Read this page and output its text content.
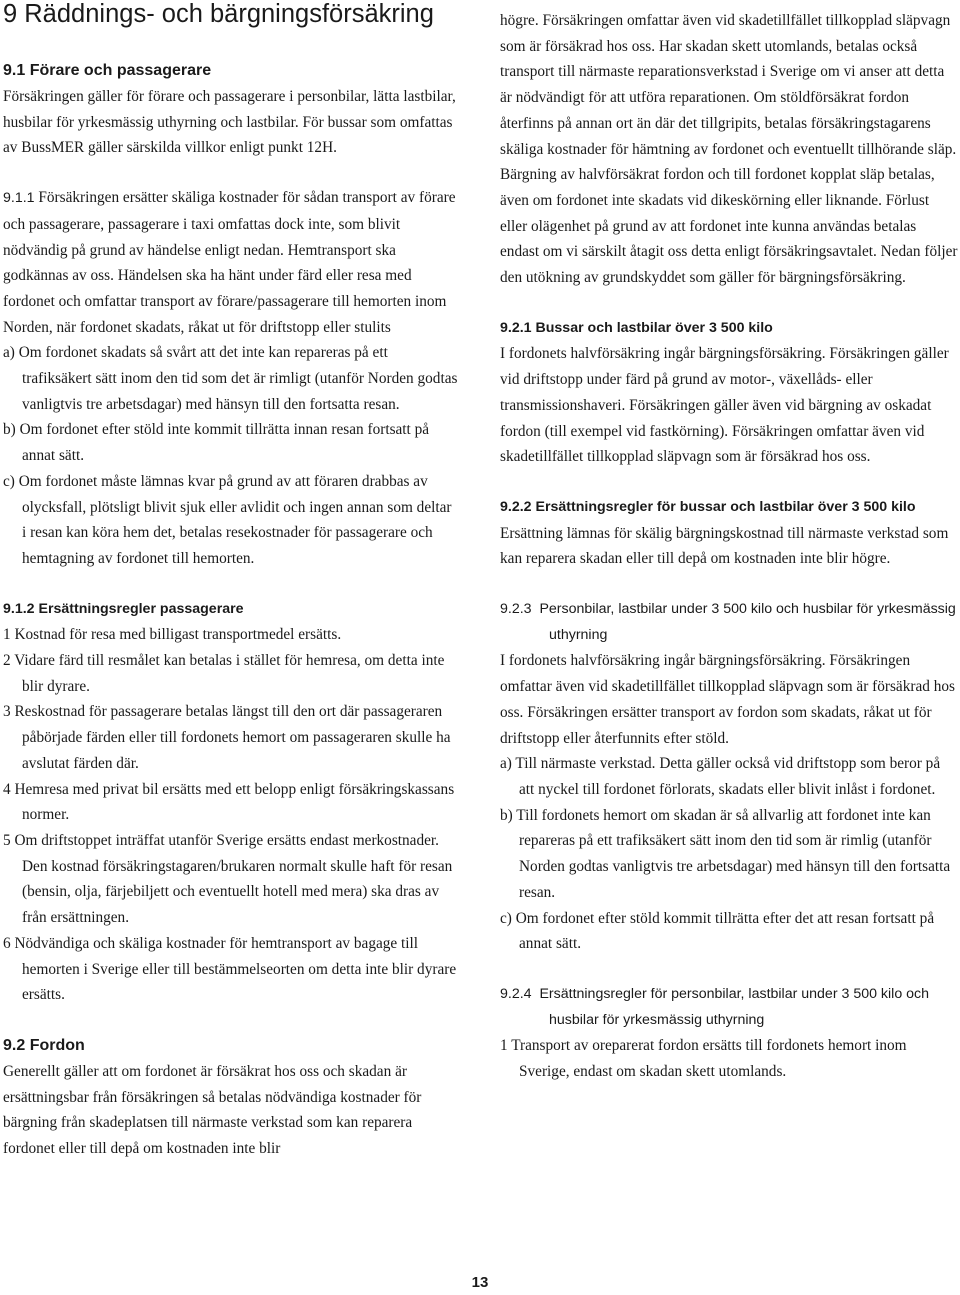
9 Räddnings- och bärgningsförsäkring
9.1 Förare och passagerare

Försäkringen gäller för förare och passagerare i personbilar, lätta lastbilar, husbilar för yrkesmässig uthyrning och lastbilar. För bussar som omfattas av BussMER gäller särskilda villkor enligt punkt 12H.

9.1.1 Försäkringen ersätter skäliga kostnader för sådan transport av förare och passagerare, passagerare i taxi omfattas dock inte, som blivit nödvändig på grund av händelse enligt nedan. Hemtransport ska godkännas av oss. Händelsen ska ha hänt under färd eller resa med fordonet och omfattar transport av förare/passagerare till hemorten inom Norden, när fordonet skadats, råkat ut för driftstopp eller stulits

a) Om fordonet skadats så svårt att det inte kan repareras på ett trafiksäkert sätt inom den tid som det är rimligt (utanför Norden godtas vanligtvis tre arbetsdagar) med hänsyn till den fortsatta resan.

b) Om fordonet efter stöld inte kommit tillrätta innan resan fortsatt på annat sätt.

c) Om fordonet måste lämnas kvar på grund av att föraren drabbas av olycksfall, plötsligt blivit sjuk eller avlidit och ingen annan som deltar i resan kan köra hem det, betalas resekostnader för passagerare och hemtagning av fordonet till hemorten.

9.1.2 Ersättningsregler passagerare

1 Kostnad för resa med billigast transportmedel ersätts.

2 Vidare färd till resmålet kan betalas i stället för hemresa, om detta inte blir dyrare.

3 Reskostnad för passagerare betalas längst till den ort där passageraren påbörjade färden eller till fordonets hemort om passageraren skulle ha avslutat färden där.

4 Hemresa med privat bil ersätts med ett belopp enligt försäkringskassans normer.

5 Om driftstoppet inträffat utanför Sverige ersätts endast merkostnader. Den kostnad försäkringstagaren/brukaren normalt skulle haft för resan (bensin, olja, färjebiljett och eventuellt hotell med mera) ska dras av från ersättningen.

6 Nödvändiga och skäliga kostnader för hemtransport av bagage till hemorten i Sverige eller till bestämmelseorten om detta inte blir dyrare ersätts.

9.2 Fordon

Generellt gäller att om fordonet är försäkrat hos oss och skadan är ersättningsbar från försäkringen så betalas nödvändiga kostnader för bärgning från skadeplatsen till närmaste verkstad som kan reparera fordonet eller till depå om kostnaden inte blir

högre. Försäkringen omfattar även vid skadetillfället tillkopplad släpvagn som är försäkrad hos oss. Har skadan skett utomlands, betalas också transport till närmaste reparationsverkstad i Sverige om vi anser att detta är nödvändigt för att utföra reparationen. Om stöldförsäkrat fordon återfinns på annan ort än där det tillgripits, betalas försäkringstagarens skäliga kostnader för hämtning av fordonet och eventuellt tillhörande släp. Bärgning av halvförsäkrat fordon och till fordonet kopplat släp betalas, även om fordonet inte skadats vid dikeskörning eller liknande. Förlust eller olägenhet på grund av att fordonet inte kunna användas betalas endast om vi särskilt åtagit oss detta enligt försäkringsavtalet. Nedan följer den utökning av grundskyddet som gäller för bärgningsförsäkring.

9.2.1 Bussar och lastbilar över 3 500 kilo

I fordonets halvförsäkring ingår bärgningsförsäkring. Försäkringen gäller vid driftstopp under färd på grund av motor-, växellåds- eller transmissionshaveri. Försäkringen gäller även vid bärgning av oskadat fordon (till exempel vid fastkörning). Försäkringen omfattar även vid skadetillfället tillkopplad släpvagn som är försäkrad hos oss.

9.2.2 Ersättningsregler för bussar och lastbilar över 3 500 kilo

Ersättning lämnas för skälig bärgningskostnad till närmaste verkstad som kan reparera skadan eller till depå om kostnaden inte blir högre.

9.2.3 Personbilar, lastbilar under 3 500 kilo och husbilar för yrkesmässig uthyrning

I fordonets halvförsäkring ingår bärgningsförsäkring. Försäkringen omfattar även vid skadetillfället tillkopplad släpvagn som är försäkrad hos oss. Försäkringen ersätter transport av fordon som skadats, råkat ut för driftstopp eller återfunnits efter stöld.

a) Till närmaste verkstad. Detta gäller också vid driftstopp som beror på att nyckel till fordonet förlorats, skadats eller blivit inlåst i fordonet.

b) Till fordonets hemort om skadan är så allvarlig att fordonet inte kan repareras på ett trafiksäkert sätt inom den tid som är rimlig (utanför Norden godtas vanligtvis tre arbetsdagar) med hänsyn till den fortsatta resan.

c) Om fordonet efter stöld kommit tillrätta efter det att resan fortsatt på annat sätt.

9.2.4 Ersättningsregler för personbilar, lastbilar under 3 500 kilo och husbilar för yrkesmässig uthyrning

1 Transport av oreparerat fordon ersätts till fordonets hemort inom Sverige, endast om skadan skett utomlands.

13
